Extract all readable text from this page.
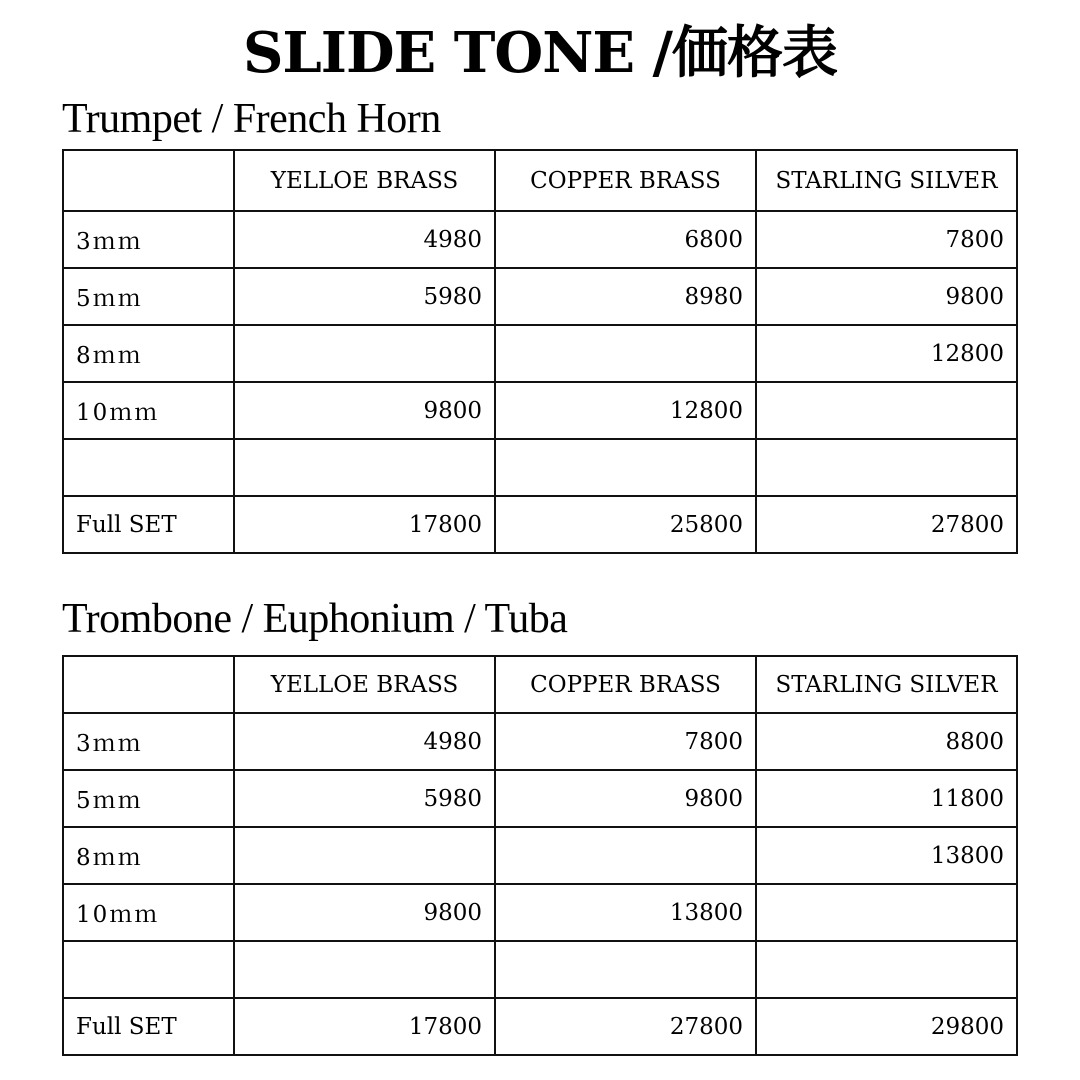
SLIDE TONE /価格表
Trumpet / French Horn
	YELLOE BRASS	COPPER BRASS	STARLING SILVER
3ｍｍ	4980	6800	7800
5ｍｍ	5980	8980	9800
8ｍｍ			12800
10ｍｍ	9800	12800	

Full SET	17800	25800	27800
Trombone / Euphonium / Tuba
	YELLOE BRASS	COPPER BRASS	STARLING SILVER
3ｍｍ	4980	7800	8800
5ｍｍ	5980	9800	11800
8ｍｍ			13800
10ｍｍ	9800	13800	

Full SET	17800	27800	29800
